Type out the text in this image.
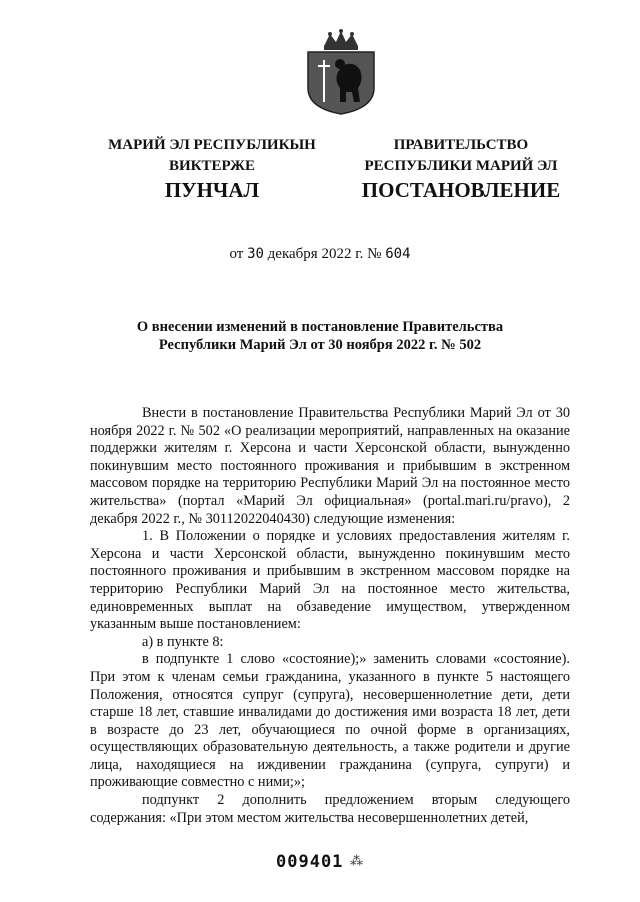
МАРИЙ ЭЛ РЕСПУБЛИКЫН
ВИКТЕРЖЕ
ПРАВИТЕЛЬСТВО
РЕСПУБЛИКИ МАРИЙ ЭЛ
ПУНЧАЛ	ПОСТАНОВЛЕНИЕ
от 30 декабря 2022 г. № 604
О внесении изменений в постановление Правительства
Республики Марий Эл от 30 ноября 2022 г. № 502

Внести в постановление Правительства Республики Марий Эл от 30 ноября 2022 г. № 502 «О реализации мероприятий, направленных на оказание поддержки жителям г. Херсона и части Херсонской области, вынужденно покинувшим место постоянного проживания и прибывшим в экстренном массовом порядке на территорию Республики Марий Эл на постоянное место жительства» (портал «Марий Эл официальная» (portal.mari.ru/pravo), 2 декабря 2022 г., № 30112022040430) следующие изменения:

1. В Положении о порядке и условиях предоставления жителям г. Херсона и части Херсонской области, вынужденно покинувшим место постоянного проживания и прибывшим в экстренном массовом порядке на территорию Республики Марий Эл на постоянное место жительства, единовременных выплат на обзаведение имуществом, утвержденном указанным выше постановлением:

а) в пункте 8:

в подпункте 1 слово «состояние);» заменить словами «состояние). При этом к членам семьи гражданина, указанного в пункте 5 настоящего Положения, относятся супруг (супруга), несовершеннолетние дети, дети старше 18 лет, ставшие инвалидами до достижения ими возраста 18 лет, дети в возрасте до 23 лет, обучающиеся по очной форме в организациях, осуществляющих образовательную деятельность, а также родители и другие лица, находящиеся на иждивении гражданина (супруга, супруги) и проживающие совместно с ними;»;

подпункт 2 дополнить предложением вторым следующего содержания: «При этом местом жительства несовершеннолетних детей,

009401 ⁂
